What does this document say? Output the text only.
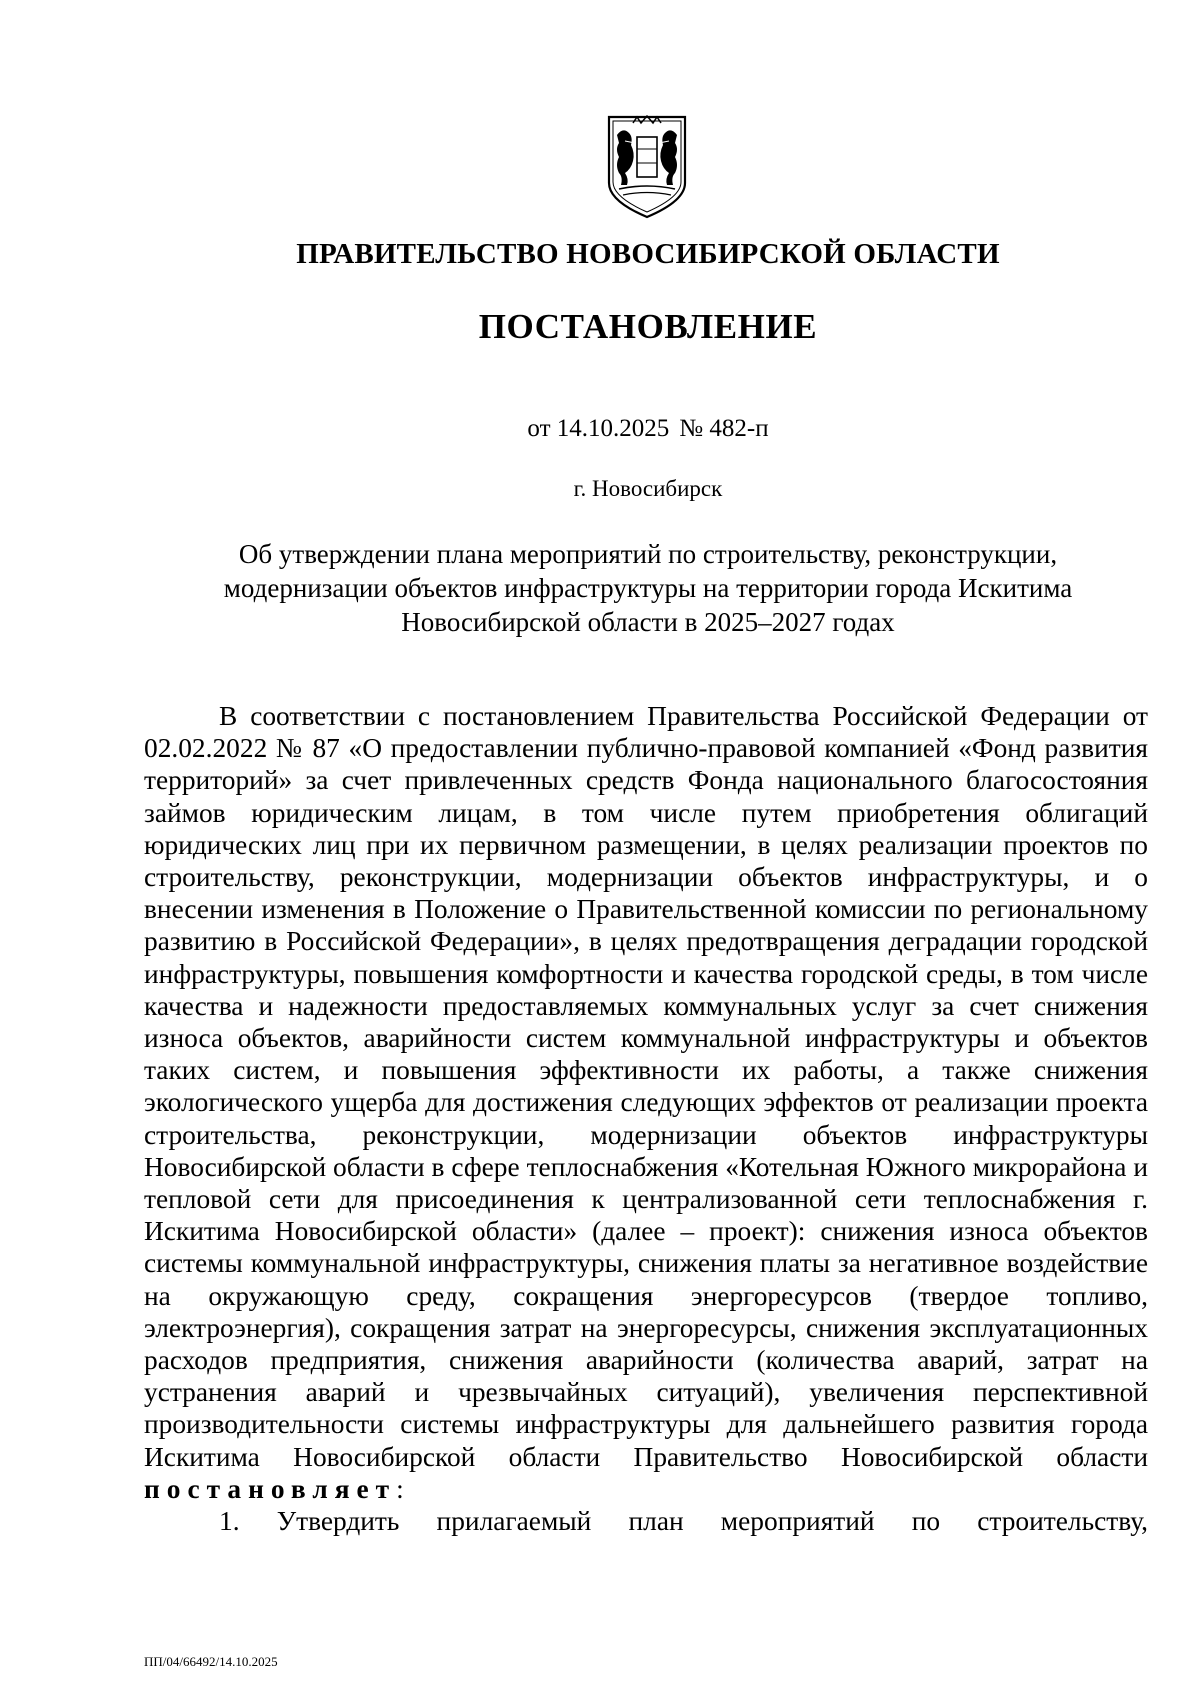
ПРАВИТЕЛЬСТВО НОВОСИБИРСКОЙ ОБЛАСТИ
ПОСТАНОВЛЕНИЕ
от 14.10.2025 № 482-п
г. Новосибирск
Об утверждении плана мероприятий по строительству, реконструкции,
модернизации объектов инфраструктуры на территории города Искитима
Новосибирской области в 2025–2027 годах

В соответствии с постановлением Правительства Российской Федерации от 02.02.2022 № 87 «О предоставлении публично-правовой компанией «Фонд развития территорий» за счет привлеченных средств Фонда национального благосостояния займов юридическим лицам, в том числе путем приобретения облигаций юридических лиц при их первичном размещении, в целях реализации проектов по строительству, реконструкции, модернизации объектов инфраструктуры, и о внесении изменения в Положение о Правительственной комиссии по региональному развитию в Российской Федерации», в целях предотвращения деградации городской инфраструктуры, повышения комфортности и качества городской среды, в том числе качества и надежности предоставляемых коммунальных услуг за счет снижения износа объектов, аварийности систем коммунальной инфраструктуры и объектов таких систем, и повышения эффективности их работы, а также снижения экологического ущерба для достижения следующих эффектов от реализации проекта строительства, реконструкции, модернизации объектов инфраструктуры Новосибирской области в сфере теплоснабжения «Котельная Южного микрорайона и тепловой сети для присоединения к централизованной сети теплоснабжения г. Искитима Новосибирской области» (далее – проект): снижения износа объектов системы коммунальной инфраструктуры, снижения платы за негативное воздействие на окружающую среду, сокращения энергоресурсов (твердое топливо, электроэнергия), сокращения затрат на энергоресурсы, снижения эксплуатационных расходов предприятия, снижения аварийности (количества аварий, затрат на устранения аварий и чрезвычайных ситуаций), увеличения перспективной производительности системы инфраструктуры для дальнейшего развития города Искитима Новосибирской области Правительство Новосибирской области постановляет:

1. Утвердить прилагаемый план мероприятий по строительству,

ПП/04/66492/14.10.2025
